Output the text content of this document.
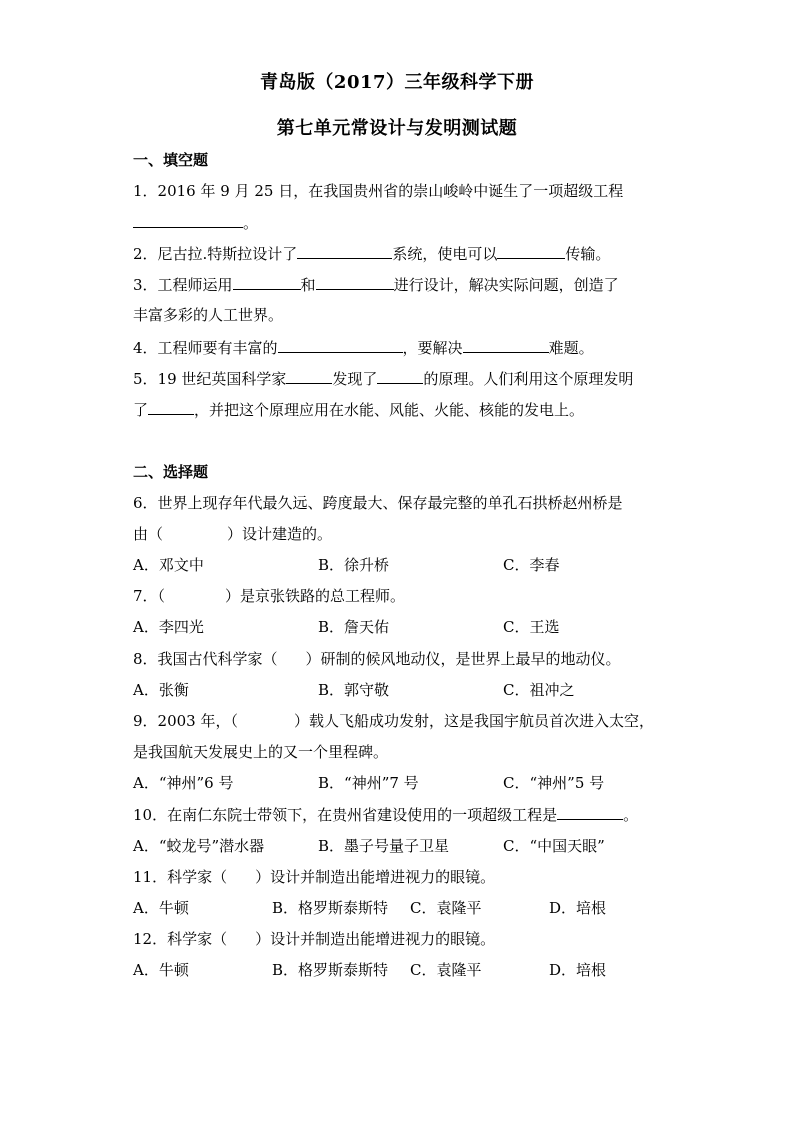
青岛版（2017）三年级科学下册
第七单元常设计与发明测试题
一、填空题
1．2016 年 9 月 25 日，在我国贵州省的崇山峻岭中诞生了一项超级工程
。
2．尼古拉.特斯拉设计了	系统，使电可以	传输。
3．工程师运用	和	进行设计，解决实际问题，创造了
丰富多彩的人工世界。
4．工程师要有丰富的	，要解决	难题。
5．19 世纪英国科学家	发现了	的原理。人们利用这个原理发明
了	，并把这个原理应用在水能、风能、火能、核能的发电上。
二、选择题
6．世界上现存年代最久远、跨度最大、保存最完整的单孔石拱桥赵州桥是
由（	）设计建造的。
A．邓文中	B．徐升桥	C．李春
7．（	）是京张铁路的总工程师。
A．李四光	B．詹天佑	C．王选
8．我国古代科学家（ ）研制的候风地动仪，是世界上最早的地动仪。
A．张衡	B．郭守敬	C．祖冲之
9．2003 年，（	）载人飞船成功发射，这是我国宇航员首次进入太空，
是我国航天发展史上的又一个里程碑。
A．“神州”6 号	B．“神州”7 号	C．“神州”5 号
10．在南仁东院士带领下，在贵州省建设使用的一项超级工程是	。
A．“蛟龙号”潜水器	B．墨子号量子卫星	C．“中国天眼”
11．科学家（ ）设计并制造出能增进视力的眼镜。
A．牛顿	B．格罗斯泰斯特 C．袁隆平	D．培根
12．科学家（ ）设计并制造出能增进视力的眼镜。
A．牛顿	B．格罗斯泰斯特 C．袁隆平	D．培根
